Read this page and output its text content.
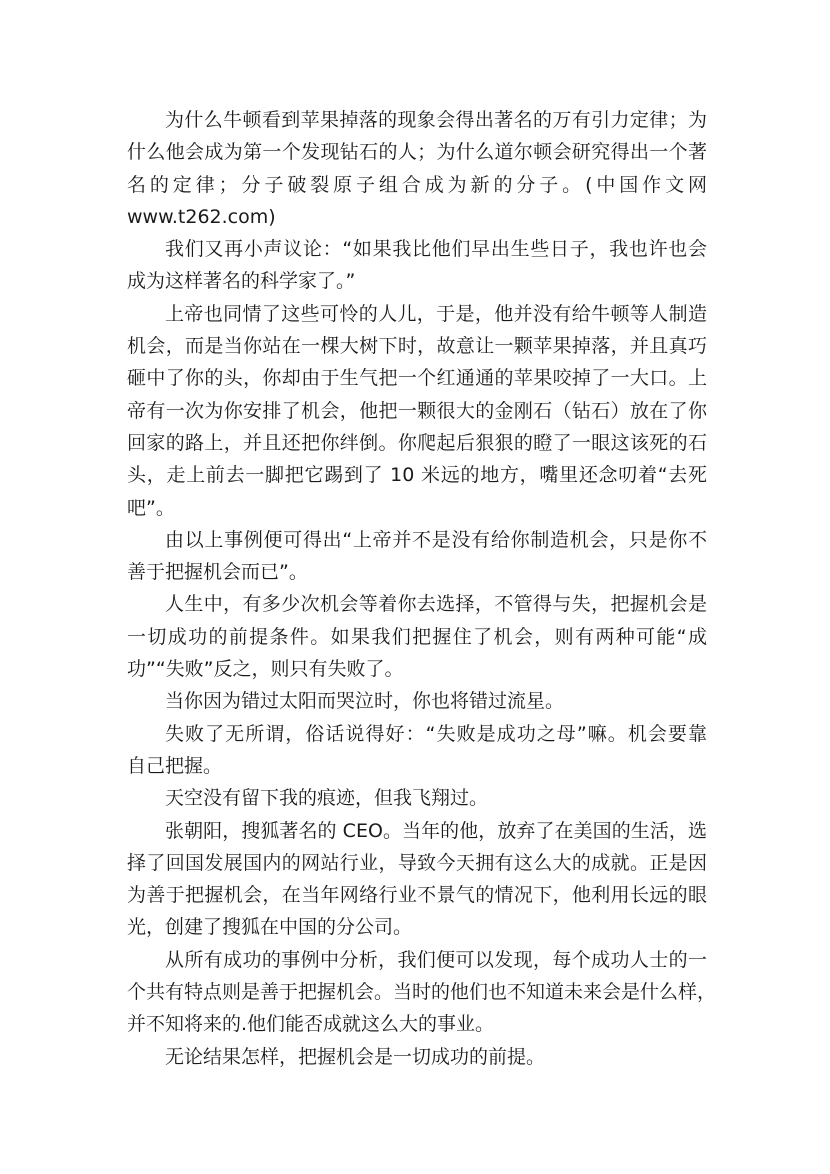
为什么牛顿看到苹果掉落的现象会得出著名的万有引力定律；为
什么他会成为第一个发现钻石的人；为什么道尔顿会研究得出一个著
名的定律；分子破裂原子组合成为新的分子。(中国作文网
www.t262.com)
我们又再小声议论：“如果我比他们早出生些日子，我也许也会
成为这样著名的科学家了。”
上帝也同情了这些可怜的人儿，于是，他并没有给牛顿等人制造
机会，而是当你站在一棵大树下时，故意让一颗苹果掉落，并且真巧
砸中了你的头，你却由于生气把一个红通通的苹果咬掉了一大口。上
帝有一次为你安排了机会，他把一颗很大的金刚石（钻石）放在了你
回家的路上，并且还把你绊倒。你爬起后狠狠的瞪了一眼这该死的石
头，走上前去一脚把它踢到了 10 米远的地方，嘴里还念叨着“去死
吧”。
由以上事例便可得出“上帝并不是没有给你制造机会，只是你不
善于把握机会而已”。
人生中，有多少次机会等着你去选择，不管得与失，把握机会是
一切成功的前提条件。如果我们把握住了机会，则有两种可能“成
功”“失败”反之，则只有失败了。
当你因为错过太阳而哭泣时，你也将错过流星。
失败了无所谓，俗话说得好：“失败是成功之母”嘛。机会要靠
自己把握。
天空没有留下我的痕迹，但我飞翔过。
张朝阳，搜狐著名的 CEO。当年的他，放弃了在美国的生活，选
择了回国发展国内的网站行业，导致今天拥有这么大的成就。正是因
为善于把握机会，在当年网络行业不景气的情况下，他利用长远的眼
光，创建了搜狐在中国的分公司。
从所有成功的事例中分析，我们便可以发现，每个成功人士的一
个共有特点则是善于把握机会。当时的他们也不知道未来会是什么样，
并不知将来的.他们能否成就这么大的事业。
无论结果怎样，把握机会是一切成功的前提。
